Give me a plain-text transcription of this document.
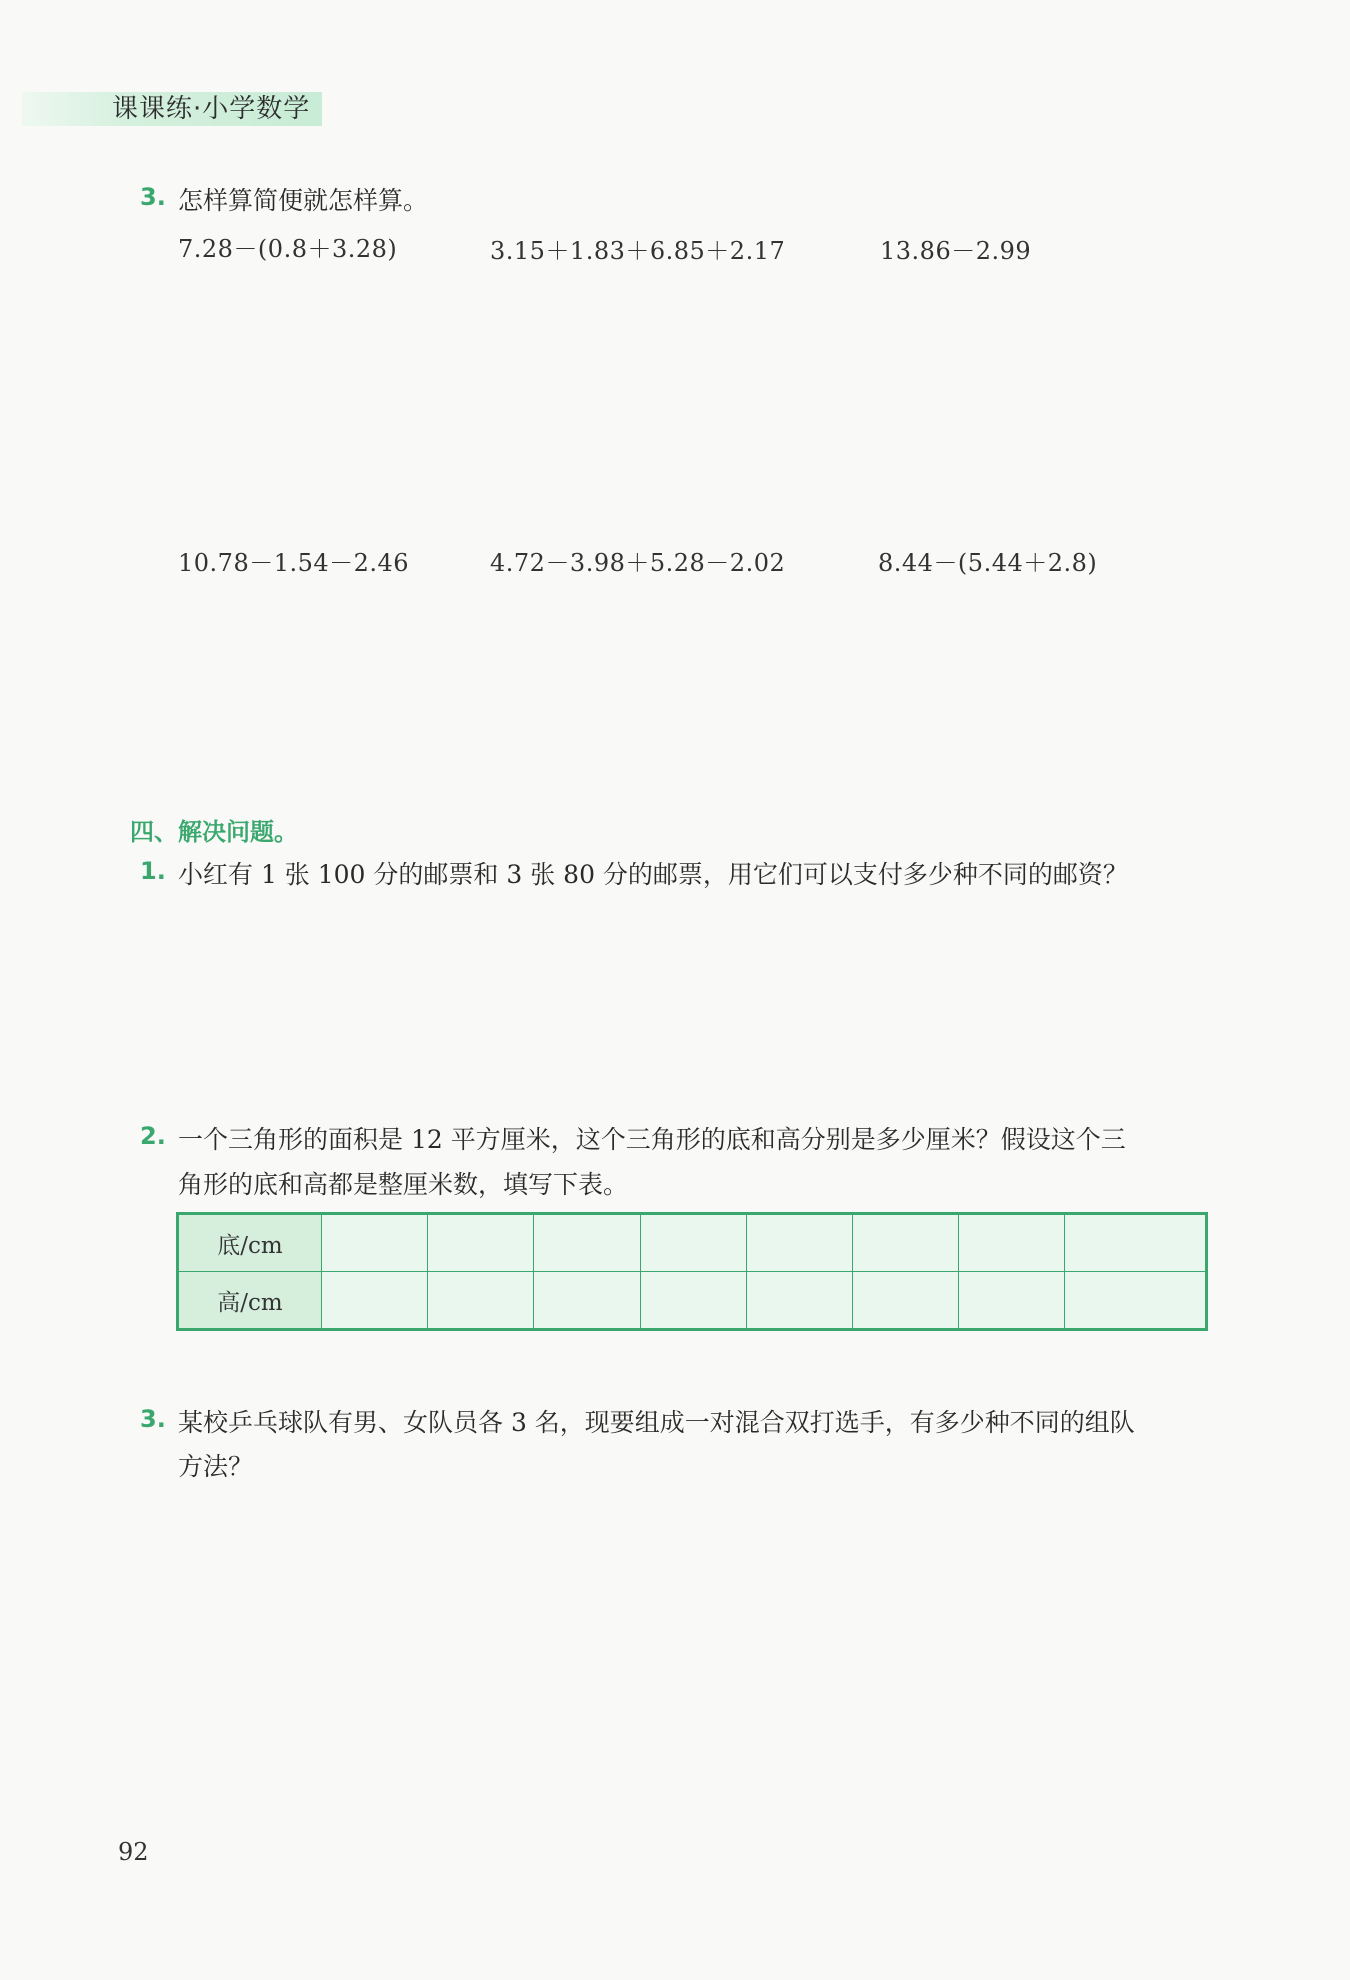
课课练·小学数学
3. 怎样算简便就怎样算。
7.28－(0.8＋3.28)	3.15＋1.83＋6.85＋2.17	13.86－2.99
10.78－1.54－2.46	4.72－3.98＋5.28－2.02	8.44－(5.44＋2.8)
四、解决问题。
1. 小红有 1 张 100 分的邮票和 3 张 80 分的邮票，用它们可以支付多少种不同的邮资？
2. 一个三角形的面积是 12 平方厘米，这个三角形的底和高分别是多少厘米？假设这个三
角形的底和高都是整厘米数，填写下表。
底/cm								
高/cm								
3. 某校乒乓球队有男、女队员各 3 名，现要组成一对混合双打选手，有多少种不同的组队
方法？
92
